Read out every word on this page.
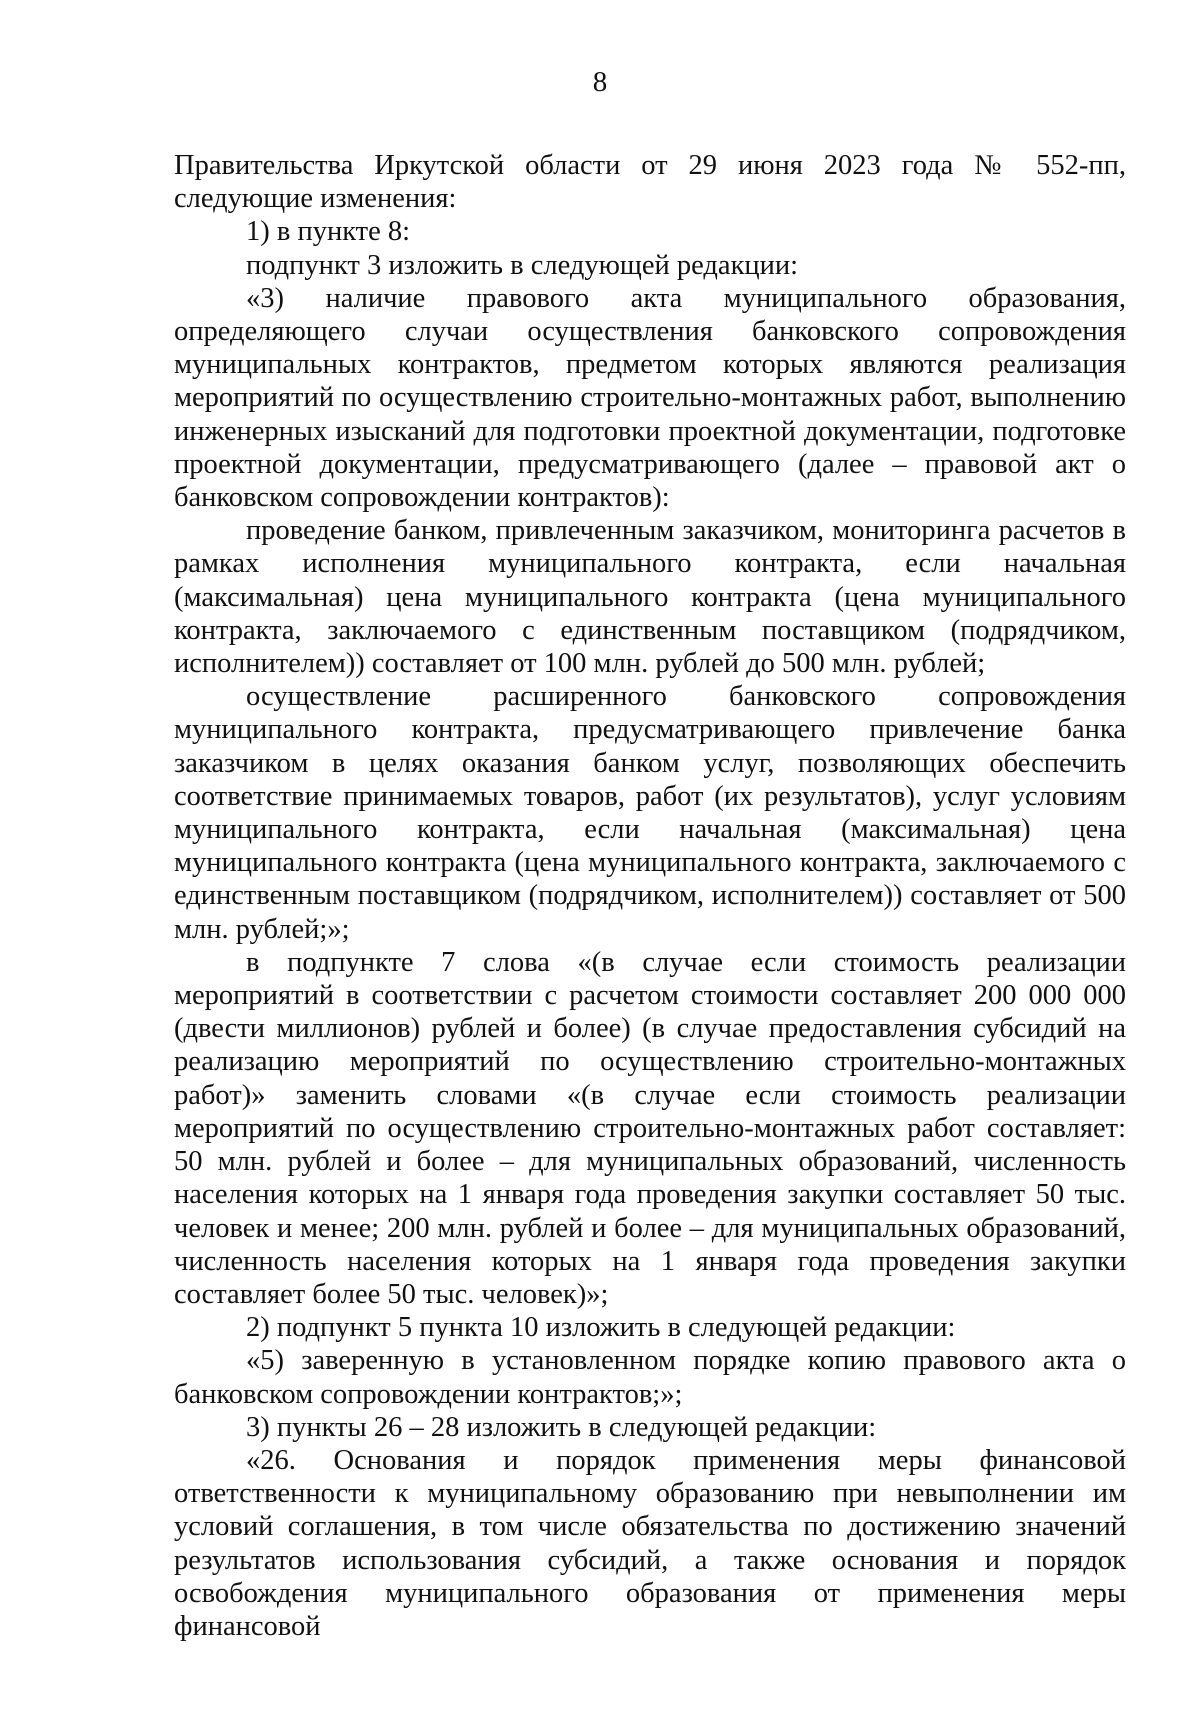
8

Правительства Иркутской области от 29 июня 2023 года № 552-пп, следующие изменения:

1) в пункте 8:

подпункт 3 изложить в следующей редакции:

«3) наличие правового акта муниципального образования, определяющего случаи осуществления банковского сопровождения муниципальных контрактов, предметом которых являются реализация мероприятий по осуществлению строительно-монтажных работ, выполнению инженерных изысканий для подготовки проектной документации, подготовке проектной документации, предусматривающего (далее – правовой акт о банковском сопровождении контрактов):

проведение банком, привлеченным заказчиком, мониторинга расчетов в рамках исполнения муниципального контракта, если начальная (максимальная) цена муниципального контракта (цена муниципального контракта, заключаемого с единственным поставщиком (подрядчиком, исполнителем)) составляет от 100 млн. рублей до 500 млн. рублей;

осуществление расширенного банковского сопровождения муниципального контракта, предусматривающего привлечение банка заказчиком в целях оказания банком услуг, позволяющих обеспечить соответствие принимаемых товаров, работ (их результатов), услуг условиям муниципального контракта, если начальная (максимальная) цена муниципального контракта (цена муниципального контракта, заключаемого с единственным поставщиком (подрядчиком, исполнителем)) составляет от 500 млн. рублей;»;

в подпункте 7 слова «(в случае если стоимость реализации мероприятий в соответствии с расчетом стоимости составляет 200 000 000 (двести миллионов) рублей и более) (в случае предоставления субсидий на реализацию мероприятий по осуществлению строительно-монтажных работ)» заменить словами «(в случае если стоимость реализации мероприятий по осуществлению строительно-монтажных работ составляет: 50 млн. рублей и более – для муниципальных образований, численность населения которых на 1 января года проведения закупки составляет 50 тыс. человек и менее; 200 млн. рублей и более – для муниципальных образований, численность населения которых на 1 января года проведения закупки составляет более 50 тыс. человек)»;

2) подпункт 5 пункта 10 изложить в следующей редакции:

«5) заверенную в установленном порядке копию правового акта о банковском сопровождении контрактов;»;

3) пункты 26 – 28 изложить в следующей редакции:

«26. Основания и порядок применения меры финансовой ответственности к муниципальному образованию при невыполнении им условий соглашения, в том числе обязательства по достижению значений результатов использования субсидий, а также основания и порядок освобождения муниципального образования от применения меры финансовой
